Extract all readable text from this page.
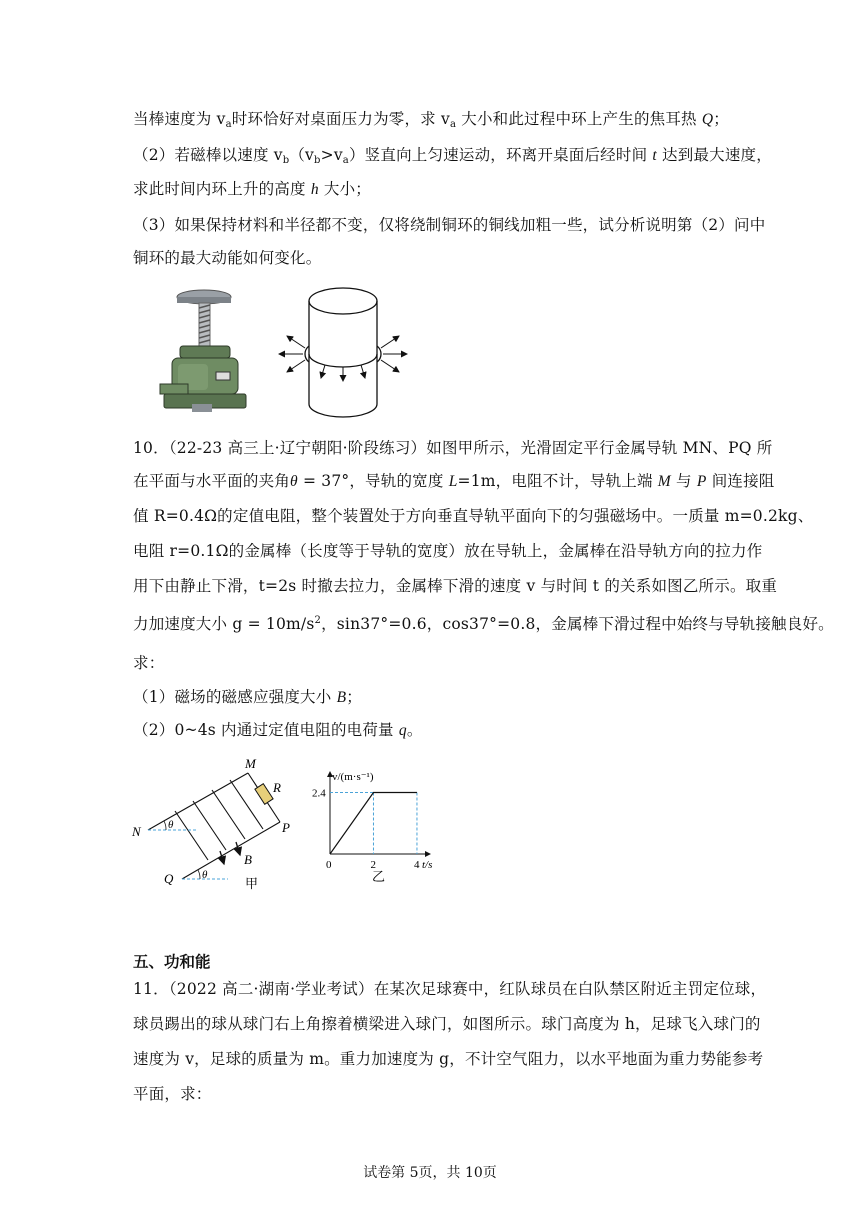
当棒速度为 $v_a$时环恰好对桌面压力为零，求 $v_a$ 大小和此过程中环上产生的焦耳热 Q；
（2）若磁棒以速度 $v_b(v_b>v_a)$竖直向上匀速运动，环离开桌面后经时间 t 达到最大速度，
求此时间内环上升的高度 h 大小；
（3）如果保持材料和半径都不变，仅将绕制铜环的铜线加粗一些，试分析说明第（2）问中
铜环的最大动能如何变化。
10．（22-23 高三上·辽宁朝阳·阶段练习）如图甲所示，光滑固定平行金属导轨 MN、PQ 所
在平面与水平面的夹角θ = 37°，导轨的宽度 L=1m，电阻不计，导轨上端 M 与 P 间连接阻
值 R=0.4Ω的定值电阻，整个装置处于方向垂直导轨平面向下的匀强磁场中。一质量 m=0.2kg、
电阻 r=0.1Ω的金属棒（长度等于导轨的宽度）放在导轨上，金属棒在沿导轨方向的拉力作
用下由静止下滑，t=2s 时撤去拉力，金属棒下滑的速度 v 与时间 t 的关系如图乙所示。取重
力加速度大小 $g = 10m/s^2$，sin37°=0.6，cos37°=0.8，金属棒下滑过程中始终与导轨接触良好。
求：
（1）磁场的磁感应强度大小 B；
（2）0~4s 内通过定值电阻的电荷量 q。
M
R
N θ	P
B
Q	θ
甲
v/(m·s⁻¹)
t/s
2.4
0	2	4
乙
五、功和能
11．（2022 高二·湖南·学业考试）在某次足球赛中，红队球员在白队禁区附近主罚定位球，
球员踢出的球从球门右上角擦着横梁进入球门，如图所示。球门高度为 h，足球飞入球门的
速度为 v，足球的质量为 m。重力加速度为 g，不计空气阻力，以水平地面为重力势能参考
平面，求：
试卷第 5页，共 10页
